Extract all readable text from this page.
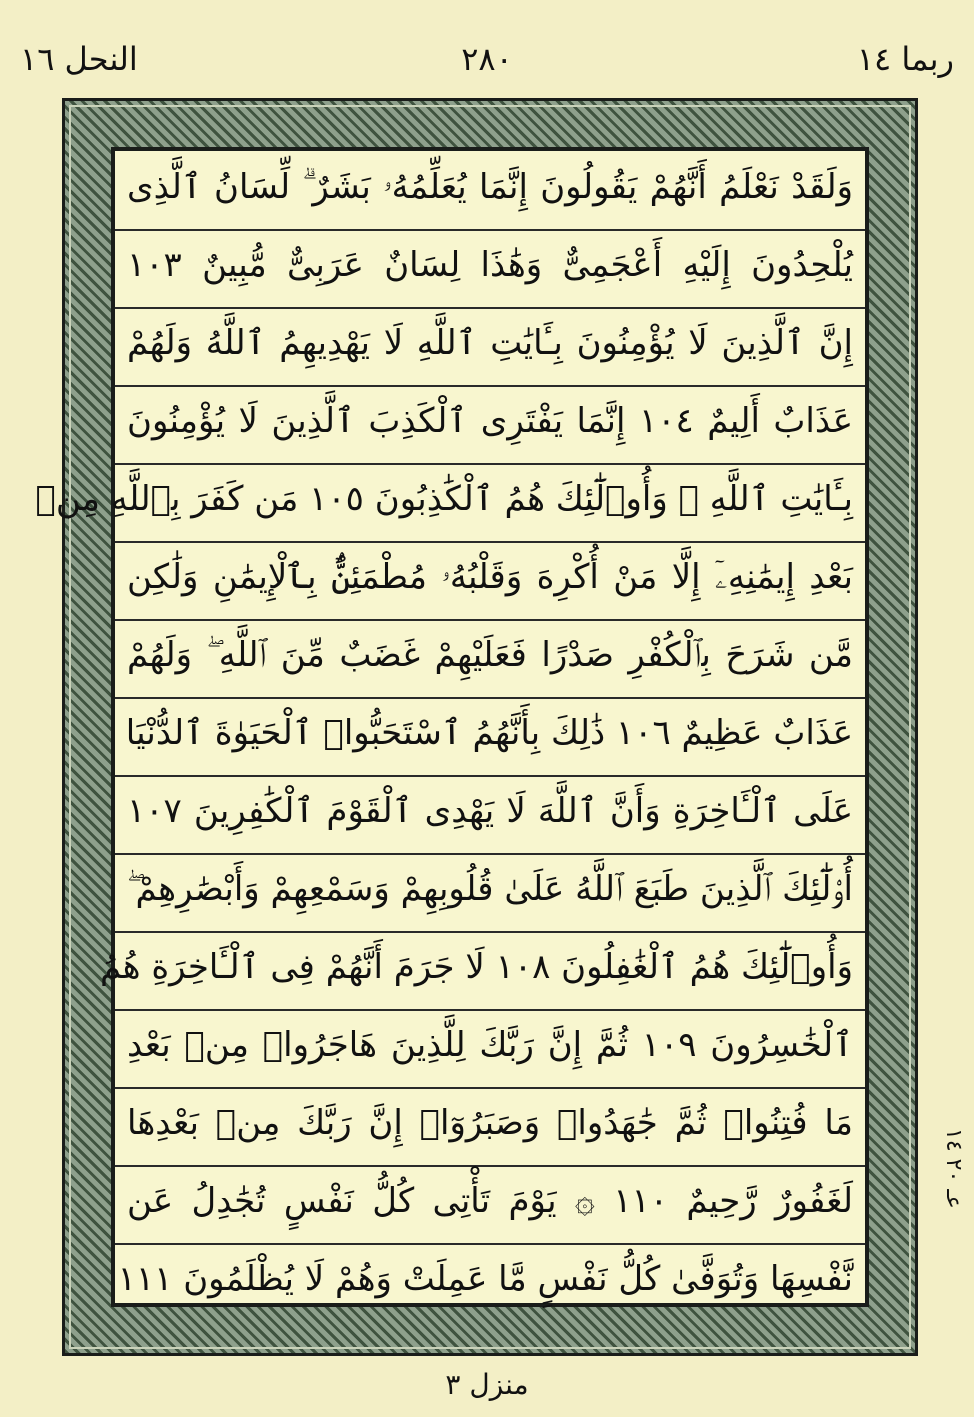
النحل ١٦	٢٨٠	ربما ١٤
وَلَقَدْ نَعْلَمُ أَنَّهُمْ يَقُولُونَ إِنَّمَا يُعَلِّمُهُۥ بَشَرٌ ۗ لِّسَانُ ٱلَّذِى
يُلْحِدُونَ إِلَيْهِ أَعْجَمِىٌّ وَهَٰذَا لِسَانٌ عَرَبِىٌّ مُّبِينٌ ١٠٣
إِنَّ ٱلَّذِينَ لَا يُؤْمِنُونَ بِـَٔايَٰتِ ٱللَّهِ لَا يَهْدِيهِمُ ٱللَّهُ وَلَهُمْ
عَذَابٌ أَلِيمٌ ١٠٤ إِنَّمَا يَفْتَرِى ٱلْكَذِبَ ٱلَّذِينَ لَا يُؤْمِنُونَ
بِـَٔايَٰتِ ٱللَّهِ ۖ وَأُو۟لَٰٓئِكَ هُمُ ٱلْكَٰذِبُونَ ١٠٥ مَن كَفَرَ بِٱللَّهِ مِنۢ
بَعْدِ إِيمَٰنِهِۦٓ إِلَّا مَنْ أُكْرِهَ وَقَلْبُهُۥ مُطْمَئِنٌّۢ بِٱلْإِيمَٰنِ وَلَٰكِن
مَّن شَرَحَ بِٱلْكُفْرِ صَدْرًا فَعَلَيْهِمْ غَضَبٌ مِّنَ ٱللَّهِ ۖ وَلَهُمْ
عَذَابٌ عَظِيمٌ ١٠٦ ذَٰلِكَ بِأَنَّهُمُ ٱسْتَحَبُّوا۟ ٱلْحَيَوٰةَ ٱلدُّنْيَا
عَلَى ٱلْـَٔاخِرَةِ وَأَنَّ ٱللَّهَ لَا يَهْدِى ٱلْقَوْمَ ٱلْكَٰفِرِينَ ١٠٧
أُو۟لَٰٓئِكَ ٱلَّذِينَ طَبَعَ ٱللَّهُ عَلَىٰ قُلُوبِهِمْ وَسَمْعِهِمْ وَأَبْصَٰرِهِمْ ۖ
وَأُو۟لَٰٓئِكَ هُمُ ٱلْغَٰفِلُونَ ١٠٨ لَا جَرَمَ أَنَّهُمْ فِى ٱلْـَٔاخِرَةِ هُمُ
ٱلْخَٰسِرُونَ ١٠٩ ثُمَّ إِنَّ رَبَّكَ لِلَّذِينَ هَاجَرُوا۟ مِنۢ بَعْدِ
مَا فُتِنُوا۟ ثُمَّ جَٰهَدُوا۟ وَصَبَرُوٓا۟ إِنَّ رَبَّكَ مِنۢ بَعْدِهَا
لَغَفُورٌ رَّحِيمٌ ١١٠ ۞ يَوْمَ تَأْتِى كُلُّ نَفْسٍ تُجَٰدِلُ عَن
نَّفْسِهَا وَتُوَفَّىٰ كُلُّ نَفْسٍ مَّا عَمِلَتْ وَهُمْ لَا يُظْلَمُونَ ١١١
عـ ٢٠ ١٤
منزل ٣
